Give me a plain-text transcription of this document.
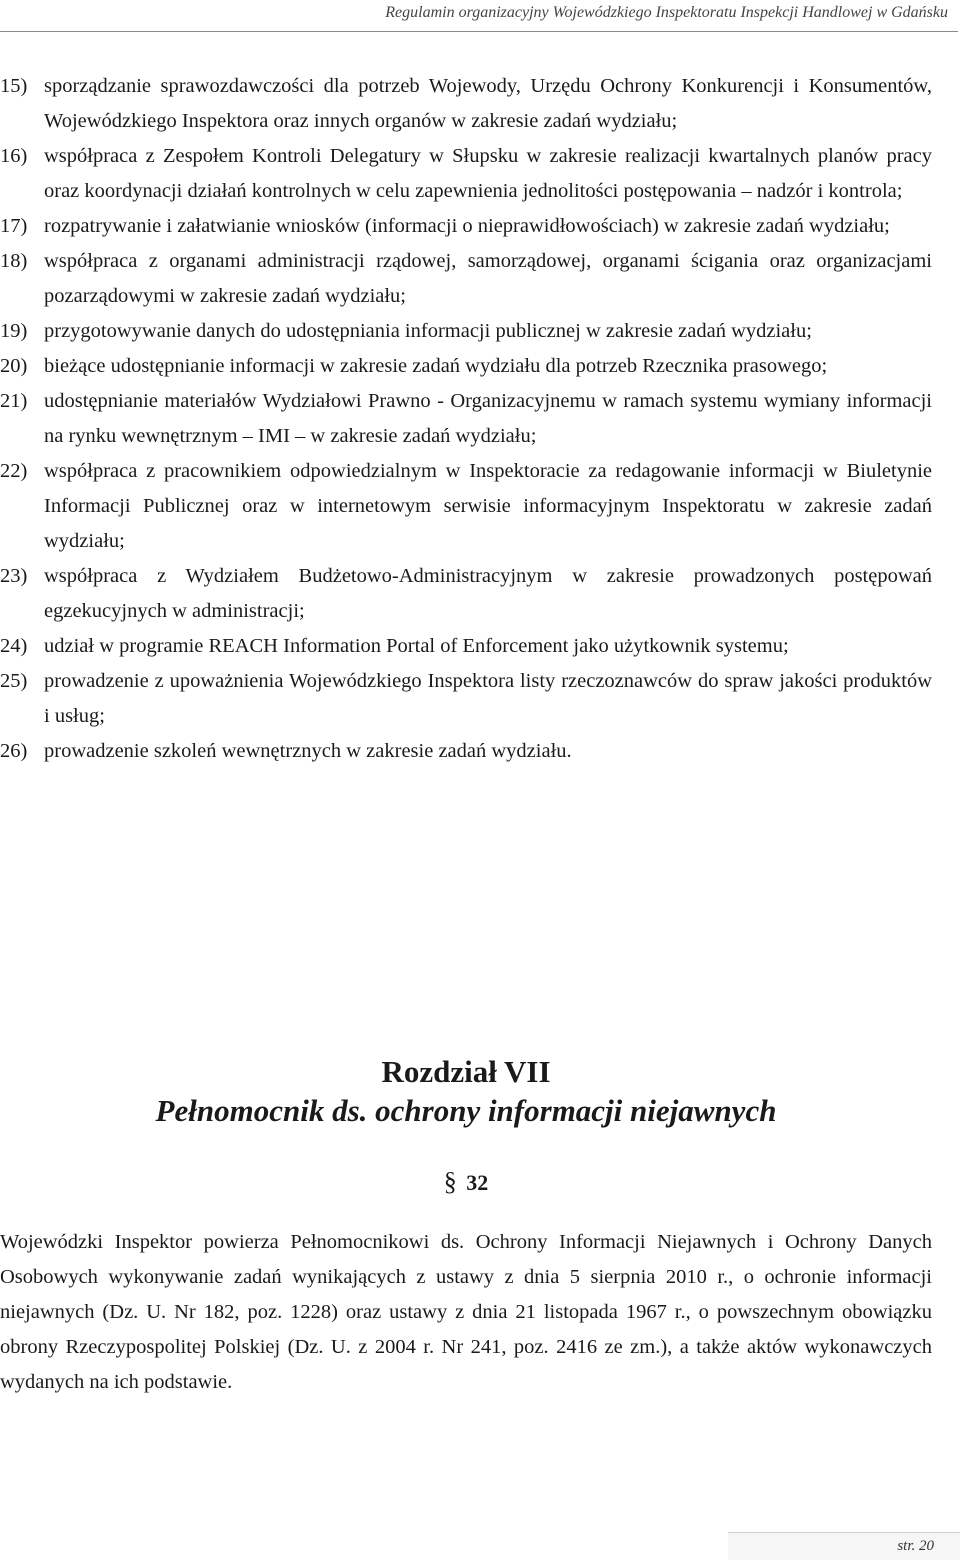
Regulamin organizacyjny Wojewódzkiego Inspektoratu Inspekcji Handlowej w Gdańsku
15) sporządzanie sprawozdawczości dla potrzeb Wojewody, Urzędu Ochrony Konkurencji i Konsumentów, Wojewódzkiego Inspektora oraz innych organów w zakresie zadań wydziału;
16) współpraca z Zespołem Kontroli Delegatury w Słupsku w zakresie realizacji kwartalnych planów pracy oraz koordynacji działań kontrolnych w celu zapewnienia jednolitości postępowania – nadzór i kontrola;
17) rozpatrywanie i załatwianie wniosków (informacji o nieprawidłowościach) w zakresie zadań wydziału;
18) współpraca z organami administracji rządowej, samorządowej, organami ścigania oraz organizacjami pozarządowymi w zakresie zadań wydziału;
19) przygotowywanie danych do udostępniania informacji publicznej w zakresie zadań wydziału;
20) bieżące udostępnianie informacji w zakresie zadań wydziału dla potrzeb Rzecznika prasowego;
21) udostępnianie materiałów Wydziałowi Prawno - Organizacyjnemu w ramach systemu wymiany informacji na rynku wewnętrznym – IMI – w zakresie zadań wydziału;
22) współpraca z pracownikiem odpowiedzialnym w Inspektoracie za redagowanie informacji w Biuletynie Informacji Publicznej oraz w internetowym serwisie informacyjnym Inspektoratu w zakresie zadań wydziału;
23) współpraca z Wydziałem Budżetowo-Administracyjnym w zakresie prowadzonych postępowań egzekucyjnych w administracji;
24) udział w programie REACH Information Portal of Enforcement jako użytkownik systemu;
25) prowadzenie z upoważnienia Wojewódzkiego Inspektora listy rzeczoznawców do spraw jakości produktów i usług;
26) prowadzenie szkoleń wewnętrznych w zakresie zadań wydziału.
Rozdział VII
Pełnomocnik ds. ochrony informacji niejawnych
§ 32

Wojewódzki Inspektor powierza Pełnomocnikowi ds. Ochrony Informacji Niejawnych i Ochrony Danych Osobowych wykonywanie zadań wynikających z ustawy z dnia 5 sierpnia 2010 r., o ochronie informacji niejawnych (Dz. U. Nr 182, poz. 1228) oraz ustawy z dnia 21 listopada 1967 r., o powszechnym obowiązku obrony Rzeczypospolitej Polskiej (Dz. U. z 2004 r. Nr 241, poz. 2416 ze zm.), a także aktów wykonawczych wydanych na ich podstawie.

str. 20
